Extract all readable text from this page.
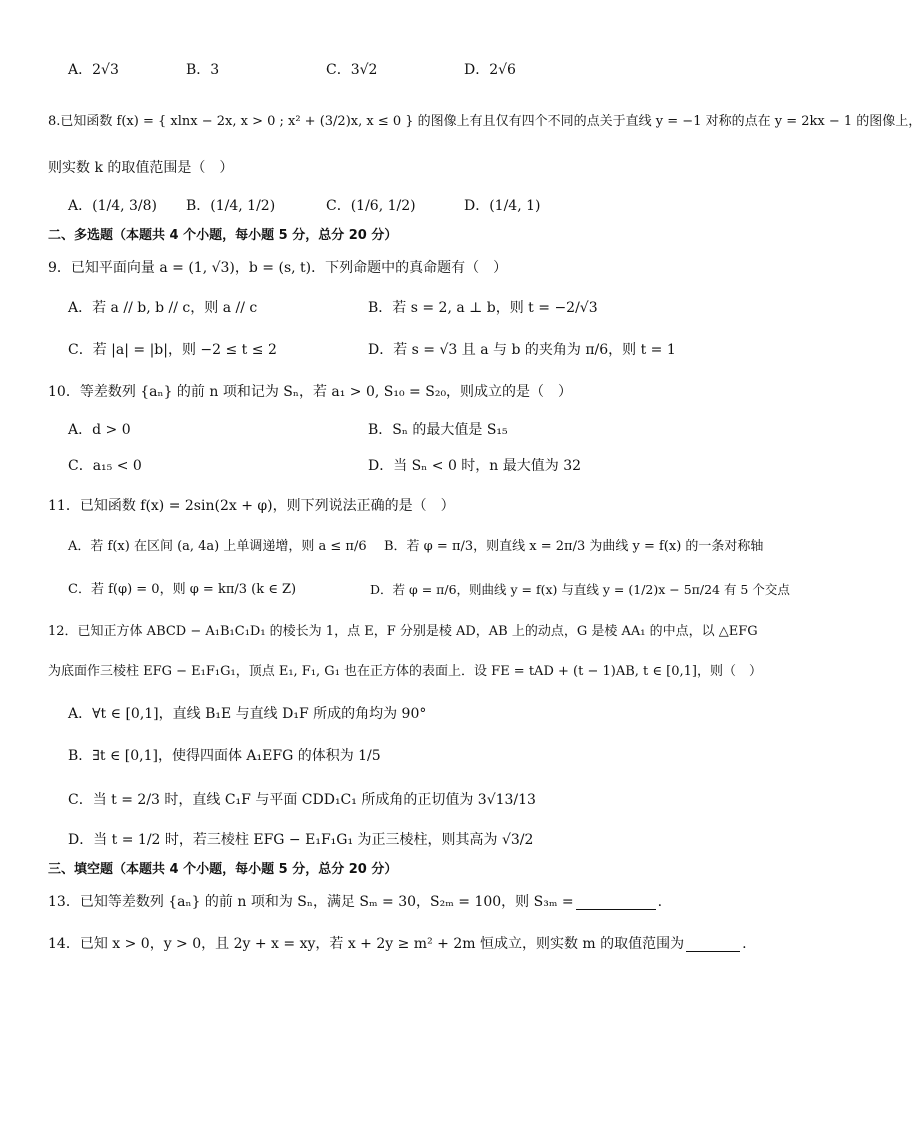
A．2√3	B．3	C．3√2	D．2√6
8.已知函数 f(x) = { xlnx − 2x, x > 0 ; x² + (3/2)x, x ≤ 0 } 的图像上有且仅有四个不同的点关于直线 y = −1 对称的点在 y = 2kx − 1 的图像上，
则实数 k 的取值范围是（　）
A．(1/4, 3/8) B．(1/4, 1/2)	C．(1/6, 1/2)	D．(1/4, 1)
二、多选题（本题共 4 个小题，每小题 5 分，总分 20 分）
9．已知平面向量 a = (1, √3)，b = (s, t)．下列命题中的真命题有（　）
A．若 a // b, b // c，则 a // c	B．若 s = 2, a ⊥ b，则 t = −2/√3
C．若 |a| = |b|，则 −2 ≤ t ≤ 2	D．若 s = √3 且 a 与 b 的夹角为 π/6，则 t = 1
10．等差数列 {aₙ} 的前 n 项和记为 Sₙ，若 a₁ > 0, S₁₀ = S₂₀，则成立的是（　）
A．d > 0	B．Sₙ 的最大值是 S₁₅
C．a₁₅ < 0	D．当 Sₙ < 0 时，n 最大值为 32
11．已知函数 f(x) = 2sin(2x + φ)，则下列说法正确的是（　）
A．若 f(x) 在区间 (a, 4a) 上单调递增，则 a ≤ π/6 B．若 φ = π/3，则直线 x = 2π/3 为曲线 y = f(x) 的一条对称轴
C．若 f(φ) = 0，则 φ = kπ/3 (k ∈ Z)	D．若 φ = π/6，则曲线 y = f(x) 与直线 y = (1/2)x − 5π/24 有 5 个交点
12．已知正方体 ABCD − A₁B₁C₁D₁ 的棱长为 1，点 E，F 分别是棱 AD，AB 上的动点，G 是棱 AA₁ 的中点，以 △EFG
为底面作三棱柱 EFG − E₁F₁G₁，顶点 E₁, F₁, G₁ 也在正方体的表面上．设 FE = tAD + (t − 1)AB, t ∈ [0,1]，则（　）
A．∀t ∈ [0,1]，直线 B₁E 与直线 D₁F 所成的角均为 90°
B．∃t ∈ [0,1]，使得四面体 A₁EFG 的体积为 1/5
C．当 t = 2/3 时，直线 C₁F 与平面 CDD₁C₁ 所成角的正切值为 3√13/13
D．当 t = 1/2 时，若三棱柱 EFG − E₁F₁G₁ 为正三棱柱，则其高为 √3/2
三、填空题（本题共 4 个小题，每小题 5 分，总分 20 分）
13．已知等差数列 {aₙ} 的前 n 项和为 Sₙ，满足 Sₘ = 30，S₂ₘ = 100，则 S₃ₘ =	.
14．已知 x > 0，y > 0，且 2y + x = xy，若 x + 2y ≥ m² + 2m 恒成立，则实数 m 的取值范围为	.
